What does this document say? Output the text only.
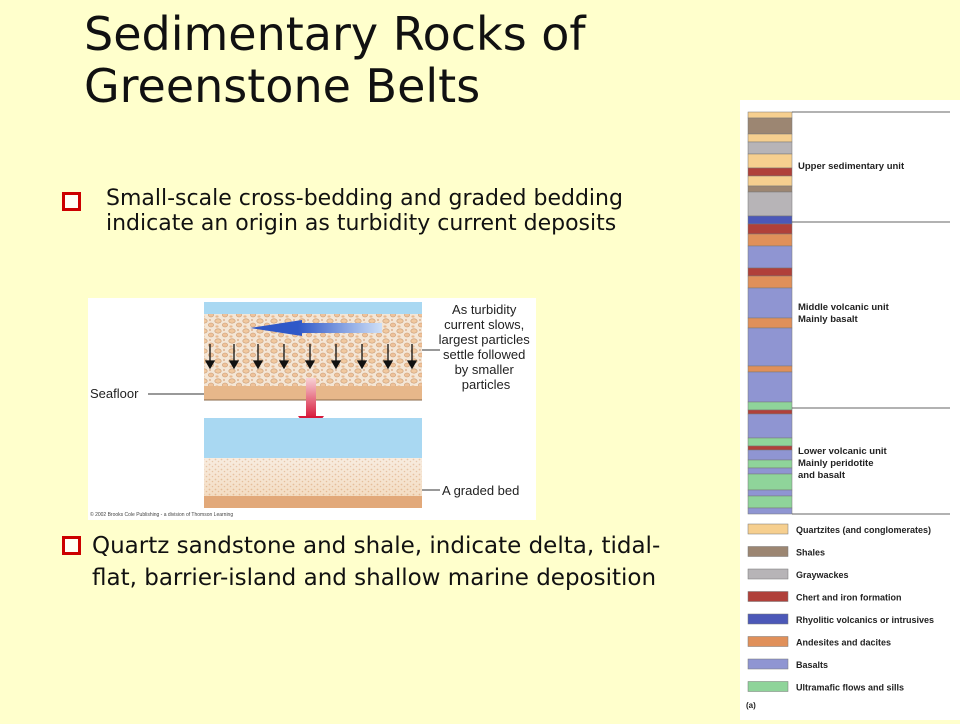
Sedimentary Rocks of
Greenstone Belts
Small-scale cross-bedding and graded bedding indicate an origin as turbidity current deposits
Seafloor
As turbidity current slows, largest particles settle followed by smaller particles
A graded bed
© 2002 Brooks Cole Publishing - a division of Thomson Learning
Quartz sandstone and shale, indicate delta, tidal-flat, barrier-island and shallow marine deposition
Upper sedimentary unit
Middle volcanic unit
Mainly basalt
Lower volcanic unit
Mainly peridotite
and basalt
Quartzites (and conglomerates)
Shales
Graywackes
Chert and iron formation
Rhyolitic volcanics or intrusives
Andesites and dacites
Basalts
Ultramafic flows and sills
(a)
